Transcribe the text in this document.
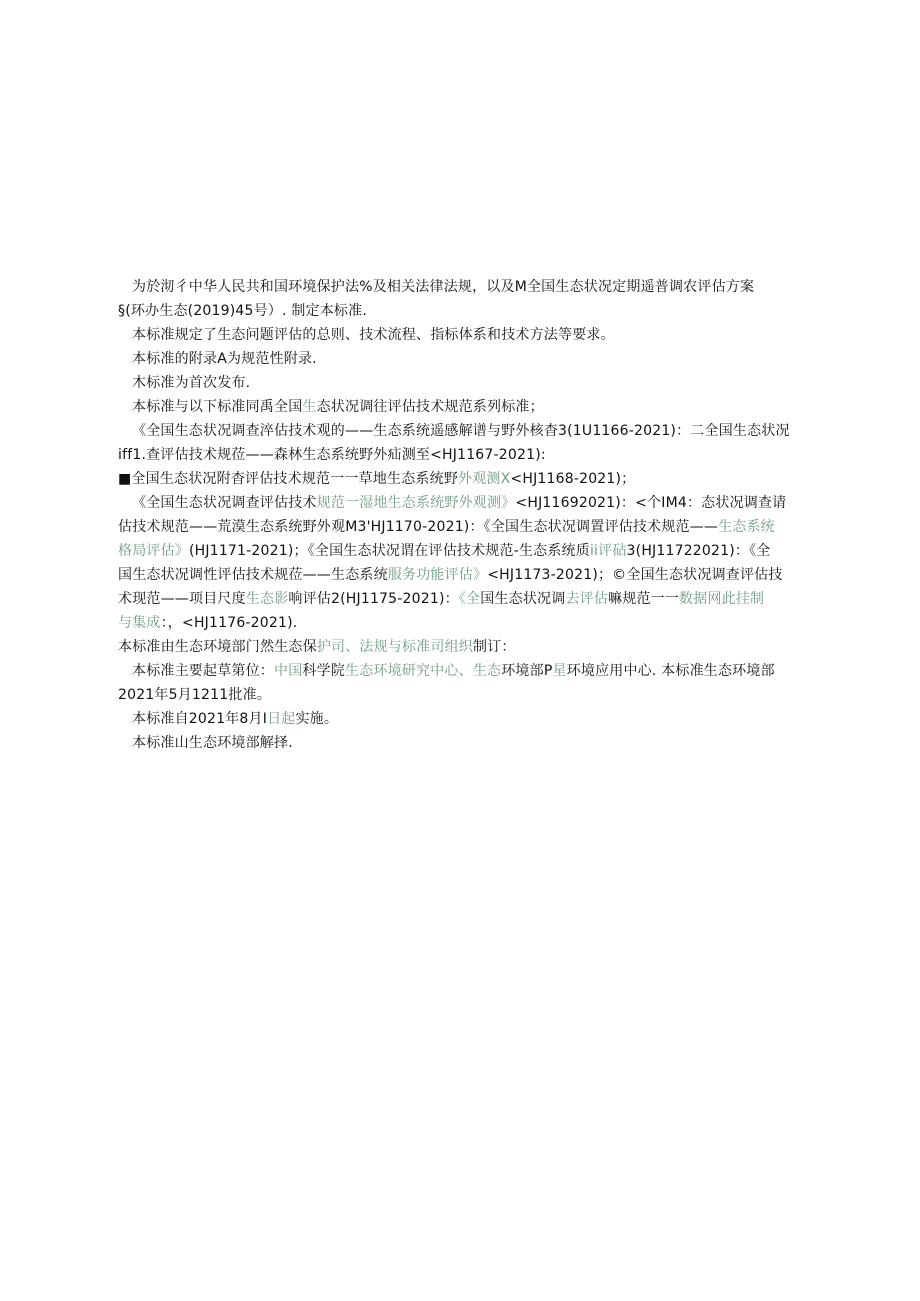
为於沏彳中华人民共和国环境保护法%及相关法律法规，以及M全国生态状况定期遥普调农评估方案
§(环办生态(2019)45号）. 制定本标准.
本标准规定了生态问题评估的总则、技术流程、指标体系和技术方法等要求。
本标准的附录A为规范性附录.
木标准为首次发布.
本标准与以下标准同禹全国生态状况调往评估技术规范系列标准；
《全国生态状况调查淬估技术观的——生态系统遥感解谱与野外核杳3(1U1166-2021)：二全国生态状况
iff1.查评估技术规莅——森林生态系统野外疝测至<HJ1167-2021):
■全国生态状况附杳评估技术规范一一草地生态系统野外观测X<HJ1168-2021)；
《全国生态状况调查评估技术规范一湿地生态系统野外观测》<HJ11692021)：<个IM4：态状况调查请
估技术规范——荒漠生态系统野外观M3'HJ1170-2021)：《全国生态状况调置评估技术规范——生态系统
格局评估》(HJ1171-2021)；《全国生态状况谓在评估技术规范-生态系统质ii评砧3(HJ11722021)：《全
国生态状况调性评估技术规莅——生态系统服务功能评估》<HJ1173-2021)；©全国生态状况调查评估技
术现范——项目尺度生态影响评估2(HJ1175-2021)：《全国生态状况调去评估嘛规范一一数据网此挂制
与集成：，<HJ1176-2021).
本标准由生态环境部门然生态保护司、法规与标准司组织制订：
本标准主要起草第位：中国科学院生态环境研究中心、生态环境部P星环境应用中心. 本标准生态环境部
2021年5月1211批准。
本标准自2021年8月I日起实施。
本标准山生态环境部解择.
